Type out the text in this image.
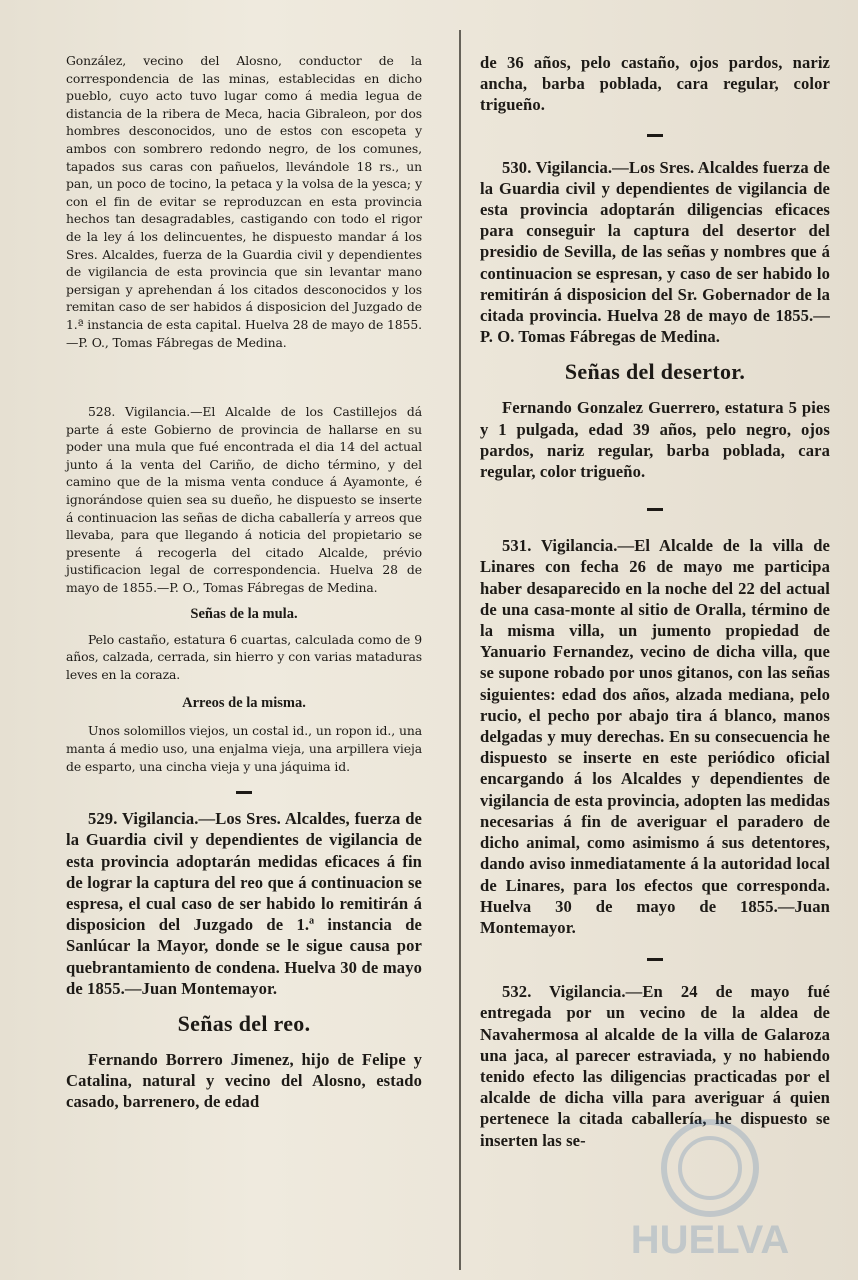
González, vecino del Alosno, conductor de la correspondencia de las minas, establecidas en dicho pueblo, cuyo acto tuvo lugar como á media legua de distancia de la ribera de Meca, hacia Gibraleon, por dos hombres desconocidos, uno de estos con escopeta y ambos con sombrero redondo negro, de los comunes, tapados sus caras con pañuelos, llevándole 18 rs., un pan, un poco de tocino, la petaca y la volsa de la yesca; y con el fin de evitar se reproduzcan en esta provincia hechos tan desagradables, castigando con todo el rigor de la ley á los delincuentes, he dispuesto mandar á los Sres. Alcaldes, fuerza de la Guardia civil y dependientes de vigilancia de esta provincia que sin levantar mano persigan y aprehendan á los citados desconocidos y los remitan caso de ser habidos á disposicion del Juzgado de 1.ª instancia de esta capital. Huelva 28 de mayo de 1855.—P. O., Tomas Fábregas de Medina.

528. Vigilancia.—El Alcalde de los Castillejos dá parte á este Gobierno de provincia de hallarse en su poder una mula que fué encontrada el dia 14 del actual junto á la venta del Cariño, de dicho término, y del camino que de la misma venta conduce á Ayamonte, é ignorándose quien sea su dueño, he dispuesto se inserte á continuacion las señas de dicha caballería y arreos que llevaba, para que llegando á noticia del propietario se presente á recogerla del citado Alcalde, prévio justificacion legal de correspondencia. Huelva 28 de mayo de 1855.—P. O., Tomas Fábregas de Medina.

Señas de la mula.

Pelo castaño, estatura 6 cuartas, calculada como de 9 años, calzada, cerrada, sin hierro y con varias mataduras leves en la coraza.

Arreos de la misma.

Unos solomillos viejos, un costal id., un ropon id., una manta á medio uso, una enjalma vieja, una arpillera vieja de esparto, una cincha vieja y una jáquima id.

529. Vigilancia.—Los Sres. Alcaldes, fuerza de la Guardia civil y dependientes de vigilancia de esta provincia adoptarán medidas eficaces á fin de lograr la captura del reo que á continuacion se espresa, el cual caso de ser habido lo remitirán á disposicion del Juzgado de 1.ª instancia de Sanlúcar la Mayor, donde se le sigue causa por quebrantamiento de condena. Huelva 30 de mayo de 1855.—Juan Montemayor.

Señas del reo.

Fernando Borrero Jimenez, hijo de Felipe y Catalina, natural y vecino del Alosno, estado casado, barrenero, de edad

de 36 años, pelo castaño, ojos pardos, nariz ancha, barba poblada, cara regular, color trigueño.

530. Vigilancia.—Los Sres. Alcaldes fuerza de la Guardia civil y dependientes de vigilancia de esta provincia adoptarán diligencias eficaces para conseguir la captura del desertor del presidio de Sevilla, de las señas y nombres que á continuacion se espresan, y caso de ser habido lo remitirán á disposicion del Sr. Gobernador de la citada provincia. Huelva 28 de mayo de 1855.—P. O. Tomas Fábregas de Medina.

Señas del desertor.

Fernando Gonzalez Guerrero, estatura 5 pies y 1 pulgada, edad 39 años, pelo negro, ojos pardos, nariz regular, barba poblada, cara regular, color trigueño.

531. Vigilancia.—El Alcalde de la villa de Linares con fecha 26 de mayo me participa haber desaparecido en la noche del 22 del actual de una casa-monte al sitio de Oralla, término de la misma villa, un jumento propiedad de Yanuario Fernandez, vecino de dicha villa, que se supone robado por unos gitanos, con las señas siguientes: edad dos años, alzada mediana, pelo rucio, el pecho por abajo tira á blanco, manos delgadas y muy derechas. En su consecuencia he dispuesto se inserte en este periódico oficial encargando á los Alcaldes y dependientes de vigilancia de esta provincia, adopten las medidas necesarias á fin de averiguar el paradero de dicho animal, como asimismo á sus detentores, dando aviso inmediatamente á la autoridad local de Linares, para los efectos que corresponda. Huelva 30 de mayo de 1855.—Juan Montemayor.

532. Vigilancia.—En 24 de mayo fué entregada por un vecino de la aldea de Navahermosa al alcalde de la villa de Galaroza una jaca, al parecer estraviada, y no habiendo tenido efecto las diligencias practicadas por el alcalde de dicha villa para averiguar á quien pertenece la citada caballería, he dispuesto se inserten las se-

HUELVA
